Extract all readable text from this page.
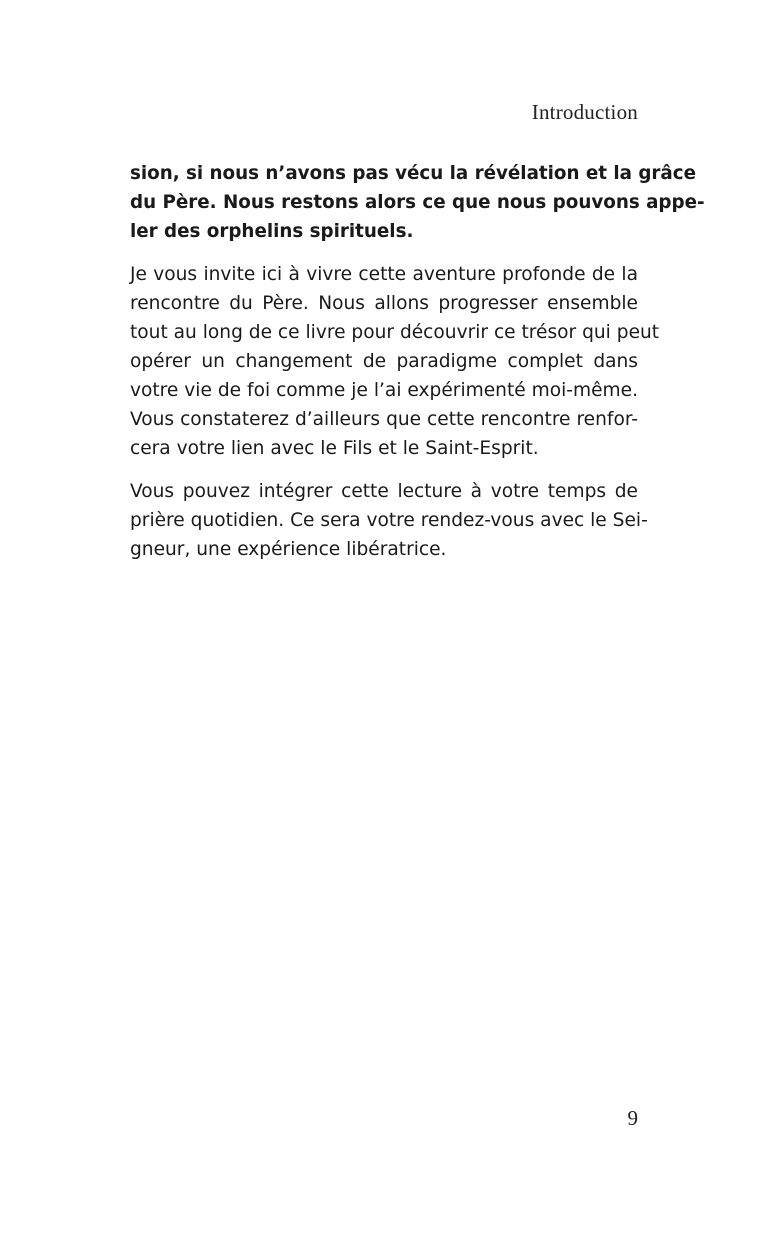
Introduction

sion, si nous n’avons pas vécu la révélation et la grâce
du Père. Nous restons alors ce que nous pouvons appe-
ler des orphelins spirituels.

Je vous invite ici à vivre cette aventure profonde de la
rencontre du Père. Nous allons progresser ensemble
tout au long de ce livre pour découvrir ce trésor qui peut
opérer un changement de paradigme complet dans
votre vie de foi comme je l’ai expérimenté moi-même.
Vous constaterez d’ailleurs que cette rencontre renfor-
cera votre lien avec le Fils et le Saint-Esprit.

Vous pouvez intégrer cette lecture à votre temps de
prière quotidien. Ce sera votre rendez-vous avec le Sei-
gneur, une expérience libératrice.

9
